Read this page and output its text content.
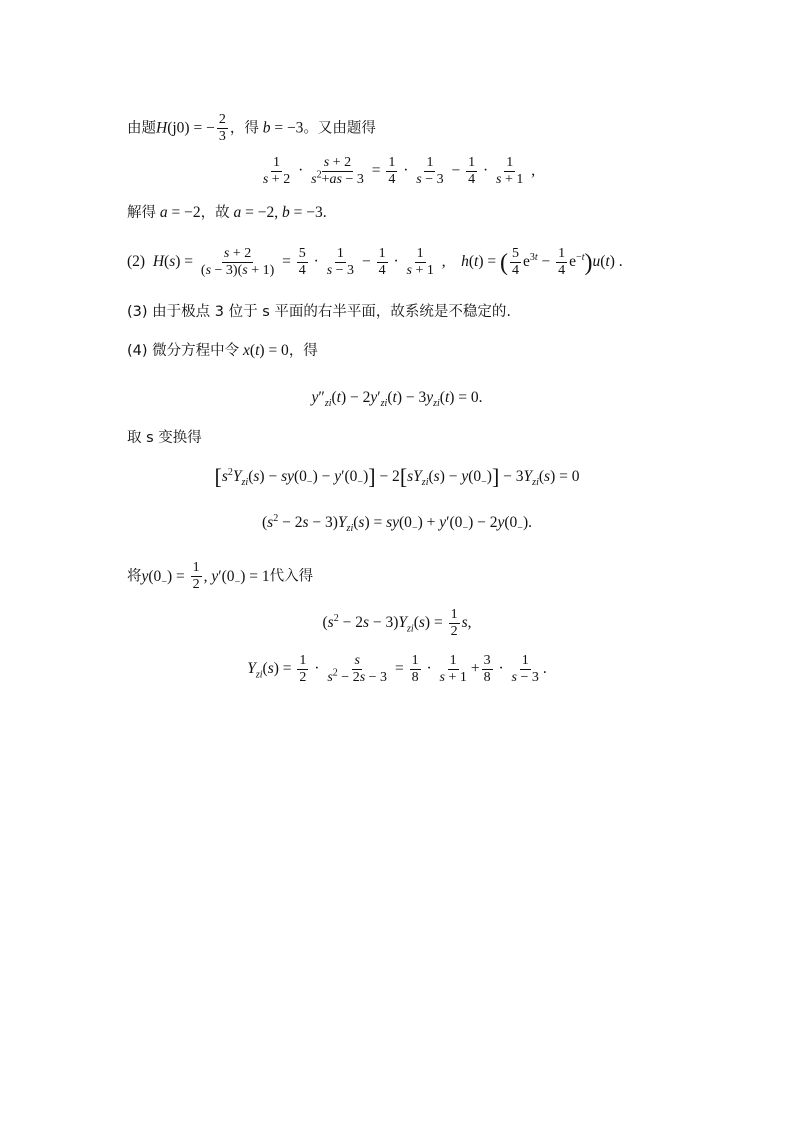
由题H(j0) = − $\frac{2}{3}$ ，得 b = −3。又由题得
$\frac{1}{s + 2} \cdot \frac{s + 2}{s^2+as - 3} = \frac{1}{4} \cdot \frac{1}{s - 3} - \frac{1}{4} \cdot \frac{1}{s + 1}$ ,
解得 a = −2，故 a = −2, b = −3.
(2) $H(s) = \frac{s + 2}{(s - 3)(s + 1)} = \frac{5}{4} \cdot \frac{1}{s - 3} - \frac{1}{4} \cdot \frac{1}{s + 1}$ ,    h(t) = ( $\frac{5}{4} e^{3t} - \frac{1}{4} e^{-t})u(t)$ .
(3) 由于极点 3 位于 s 平面的右半平面，故系统是不稳定的.
(4) 微分方程中令 x(t) = 0，得
$y''_{zi}(t) - 2y'_{zi}(t) - 3y_{zi}(t) = 0$.
取 s 变换得
$[s^2Y_{zi}(s) - sy(0_-) - y'(0_-)] - 2[sY_{zi}(s) - y(0_-)] - 3Y_{zi}(s) = 0$
$(s^2 - 2s - 3)Y_{zi}(s) = sy(0_-) + y'(0_-) - 2y(0_-)$.
将$y(0_-) = \frac{1}{2}$ , $y'(0_-) = 1$代入得
$(s^2 - 2s - 3)Y_{zi}(s) = \frac{1}{2} s$,
$Y_{zi}(s) = \frac{1}{2} \cdot \frac{s}{s^2 - 2s - 3} = \frac{1}{8} \cdot \frac{1}{s + 1} + \frac{3}{8} \cdot \frac{1}{s - 3}$ .
